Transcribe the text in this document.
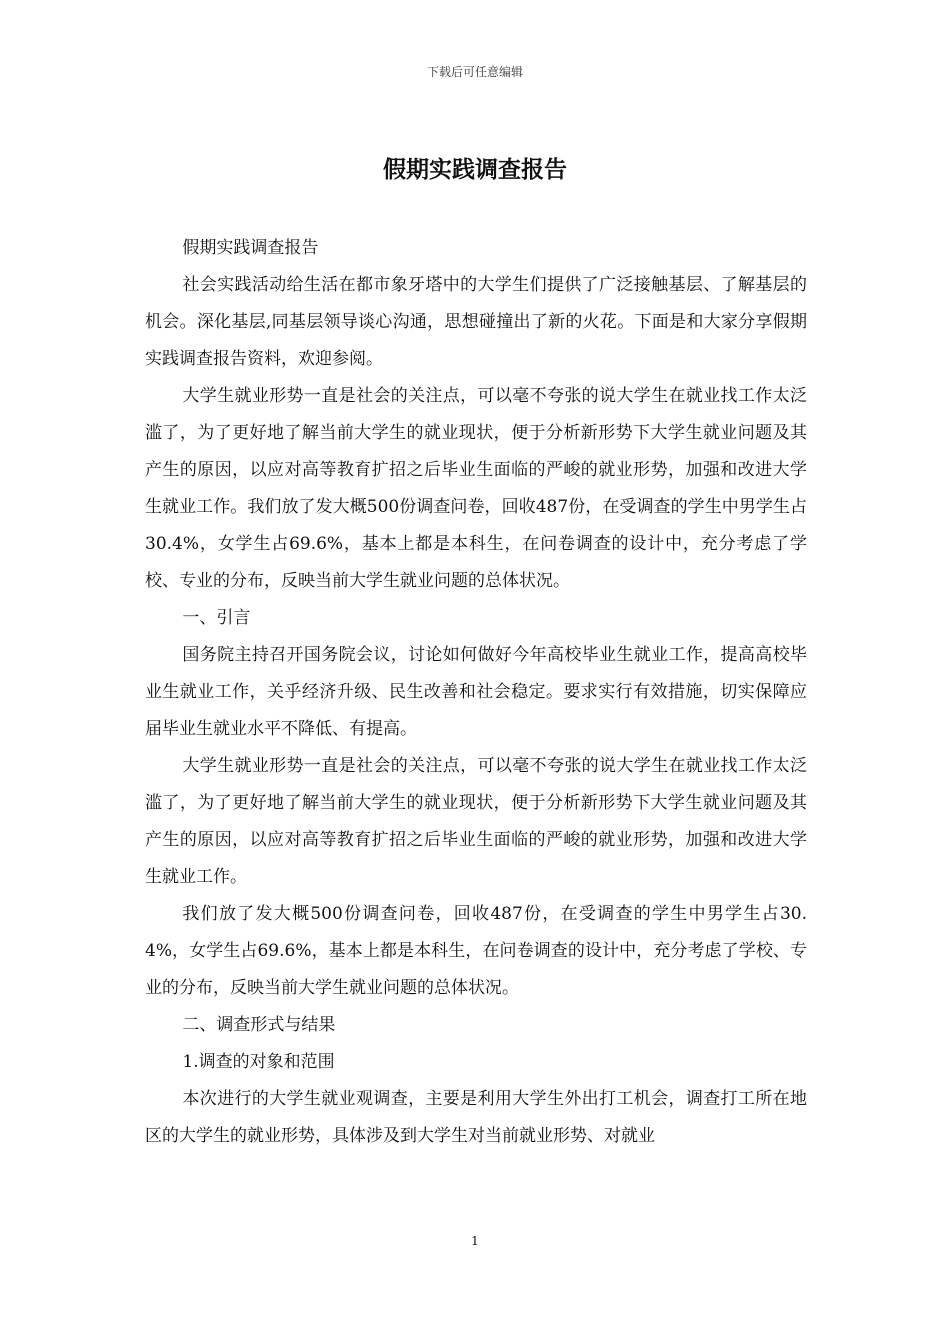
下载后可任意编辑
假期实践调查报告

假期实践调查报告

社会实践活动给生活在都市象牙塔中的大学生们提供了广泛接触基层、了解基层的机会。深化基层,同基层领导谈心沟通，思想碰撞出了新的火花。下面是和大家分享假期实践调查报告资料，欢迎参阅。

大学生就业形势一直是社会的关注点，可以毫不夸张的说大学生在就业找工作太泛滥了，为了更好地了解当前大学生的就业现状，便于分析新形势下大学生就业问题及其产生的原因，以应对高等教育扩招之后毕业生面临的严峻的就业形势，加强和改进大学生就业工作。我们放了发大概500份调查问卷，回收487份，在受调查的学生中男学生占30.4%，女学生占69.6%，基本上都是本科生，在问卷调查的设计中，充分考虑了学校、专业的分布，反映当前大学生就业问题的总体状况。

一、引言

国务院主持召开国务院会议，讨论如何做好今年高校毕业生就业工作，提高高校毕业生就业工作，关乎经济升级、民生改善和社会稳定。要求实行有效措施，切实保障应届毕业生就业水平不降低、有提高。

大学生就业形势一直是社会的关注点，可以毫不夸张的说大学生在就业找工作太泛滥了，为了更好地了解当前大学生的就业现状，便于分析新形势下大学生就业问题及其产生的原因，以应对高等教育扩招之后毕业生面临的严峻的就业形势，加强和改进大学生就业工作。

我们放了发大概500份调查问卷，回收487份，在受调查的学生中男学生占30.4%，女学生占69.6%，基本上都是本科生，在问卷调查的设计中，充分考虑了学校、专业的分布，反映当前大学生就业问题的总体状况。

二、调查形式与结果

1.调查的对象和范围

本次进行的大学生就业观调查，主要是利用大学生外出打工机会，调查打工所在地区的大学生的就业形势，具体涉及到大学生对当前就业形势、对就业

1
